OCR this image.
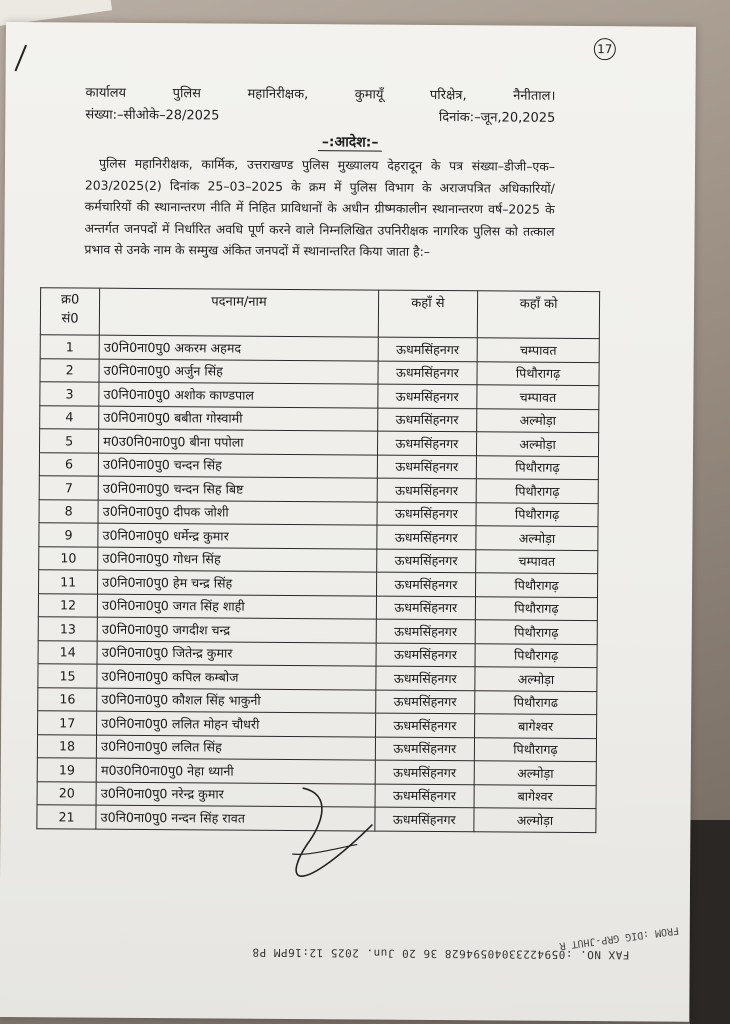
17
कार्यालय	पुलिस	महानिरीक्षक,	कुमायूँ	परिक्षेत्र,	नैनीताल।
संख्या:–सीओके–28/2025	दिनांक:–जून,20,2025
–:आदेश:–
पुलिस महानिरीक्षक, कार्मिक, उत्तराखण्ड पुलिस मुख्यालय देहरादून के पत्र संख्या–डीजी–एक–203/2025(2) दिनांक 25–03–2025 के क्रम में पुलिस विभाग के अराजपत्रित अधिकारियों/कर्मचारियों की स्थानान्तरण नीति में निहित प्राविधानों के अधीन ग्रीष्मकालीन स्थानान्तरण वर्ष–2025 के अन्तर्गत जनपदों में निर्धारित अवधि पूर्ण करने वाले निम्नलिखित उपनिरीक्षक नागरिक पुलिस को तत्काल प्रभाव से उनके नाम के सम्मुख अंकित जनपदों में स्थानान्तरित किया जाता है:–
क्र0
सं0	पदनाम/नाम	कहाँ से	कहाँ को
1	उ0नि0ना0पु0 अकरम अहमद	ऊधमसिंहनगर	चम्पावत
2	उ0नि0ना0पु0 अर्जुन सिंह	ऊधमसिंहनगर	पिथौरागढ़
3	उ0नि0ना0पु0 अशोक काण्डपाल	ऊधमसिंहनगर	चम्पावत
4	उ0नि0ना0पु0 बबीता गोस्वामी	ऊधमसिंहनगर	अल्मोड़ा
5	म0उ0नि0ना0पु0 बीना पपोला	ऊधमसिंहनगर	अल्मोड़ा
6	उ0नि0ना0पु0 चन्दन सिंह	ऊधमसिंहनगर	पिथौरागढ़
7	उ0नि0ना0पु0 चन्दन सिह बिष्ट	ऊधमसिंहनगर	पिथौरागढ़
8	उ0नि0ना0पु0 दीपक जोशी	ऊधमसिंहनगर	पिथौरागढ़
9	उ0नि0ना0पु0 धर्मेन्द्र कुमार	ऊधमसिंहनगर	अल्मोड़ा
10	उ0नि0ना0पु0 गोधन सिंह	ऊधमसिंहनगर	चम्पावत
11	उ0नि0ना0पु0 हेम चन्द्र सिंह	ऊधमसिंहनगर	पिथौरागढ़
12	उ0नि0ना0पु0 जगत सिंह शाही	ऊधमसिंहनगर	पिथौरागढ़
13	उ0नि0ना0पु0 जगदीश चन्द्र	ऊधमसिंहनगर	पिथौरागढ़
14	उ0नि0ना0पु0 जितेन्द्र कुमार	ऊधमसिंहनगर	पिथौरागढ़
15	उ0नि0ना0पु0 कपिल कम्बोज	ऊधमसिंहनगर	अल्मोड़ा
16	उ0नि0ना0पु0 कौशल सिंह भाकुनी	ऊधमसिंहनगर	पिथौरागढ
17	उ0नि0ना0पु0 ललित मोहन चौधरी	ऊधमसिंहनगर	बागेश्वर
18	उ0नि0ना0पु0 ललित सिंह	ऊधमसिंहनगर	पिथौरागढ़
19	म0उ0नि0ना0पु0 नेहा ध्यानी	ऊधमसिंहनगर	अल्मोड़ा
20	उ0नि0ना0पु0 नरेन्द्र कुमार	ऊधमसिंहनगर	बागेश्वर
21	उ0नि0ना0पु0 नन्दन सिंह रावत	ऊधमसिंहनगर	अल्मोड़ा
FROM :DIG GRP-JHUT R
FAX NO. :05942233040594628 36 20 Jun. 2025 12:16PM P8
